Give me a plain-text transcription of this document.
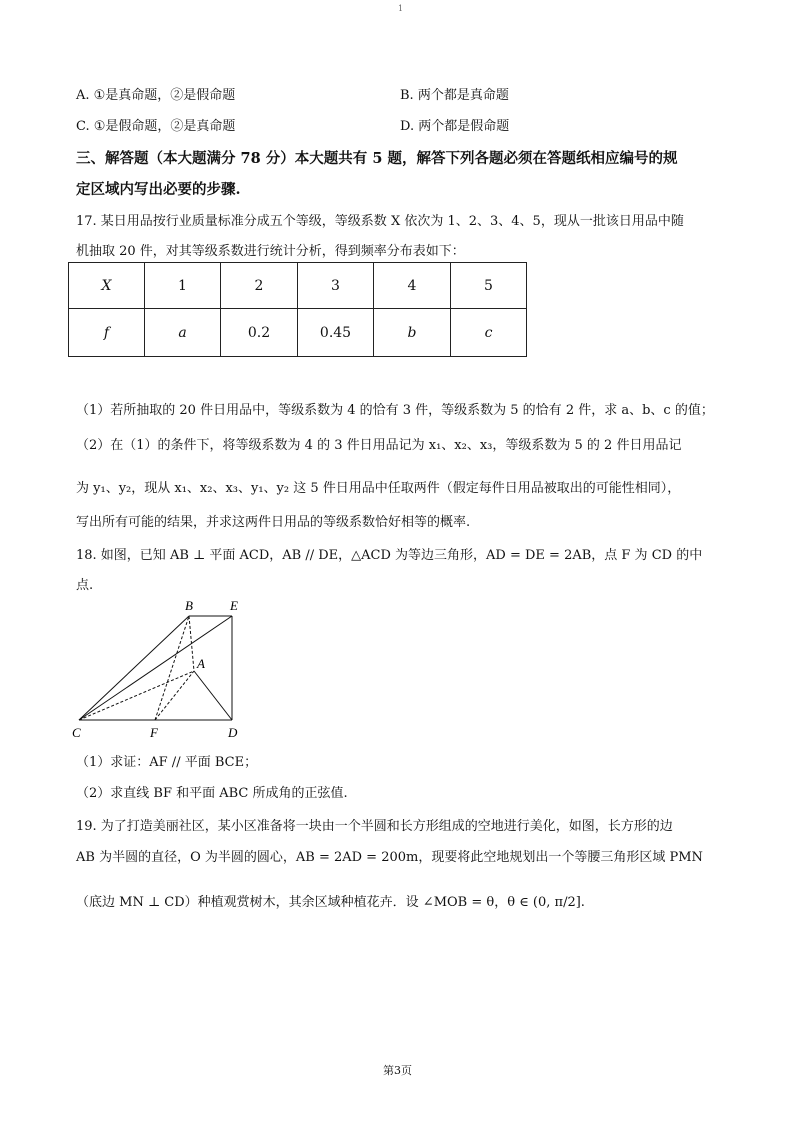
1
A. ①是真命题，②是假命题	B. 两个都是真命题
C. ①是假命题，②是真命题	D. 两个都是假命题
三、解答题（本大题满分 78 分）本大题共有 5 题，解答下列各题必须在答题纸相应编号的规
定区域内写出必要的步骤.
17. 某日用品按行业质量标准分成五个等级，等级系数 X 依次为 1、2、3、4、5，现从一批该日用品中随
机抽取 20 件，对其等级系数进行统计分析，得到频率分布表如下：
X	1	2	3	4	5
f	a	0.2	0.45	b	c
（1）若所抽取的 20 件日用品中，等级系数为 4 的恰有 3 件，等级系数为 5 的恰有 2 件，求 a、b、c 的值；
（2）在（1）的条件下，将等级系数为 4 的 3 件日用品记为 x₁、x₂、x₃，等级系数为 5 的 2 件日用品记
为 y₁、y₂，现从 x₁、x₂、x₃、y₁、y₂ 这 5 件日用品中任取两件（假定每件日用品被取出的可能性相同），
写出所有可能的结果，并求这两件日用品的等级系数恰好相等的概率.
18. 如图，已知 AB ⊥ 平面 ACD，AB // DE，△ACD 为等边三角形，AD = DE = 2AB，点 F 为 CD 的中
点.
B	E
A
C	F	D
（1）求证：AF // 平面 BCE；
（2）求直线 BF 和平面 ABC 所成角的正弦值.
19. 为了打造美丽社区，某小区准备将一块由一个半圆和长方形组成的空地进行美化，如图，长方形的边
AB 为半圆的直径，O 为半圆的圆心，AB = 2AD = 200m，现要将此空地规划出一个等腰三角形区域 PMN
（底边 MN ⊥ CD）种植观赏树木，其余区域种植花卉．设 ∠MOB = θ，θ ∈ (0, π/2].
第3页
